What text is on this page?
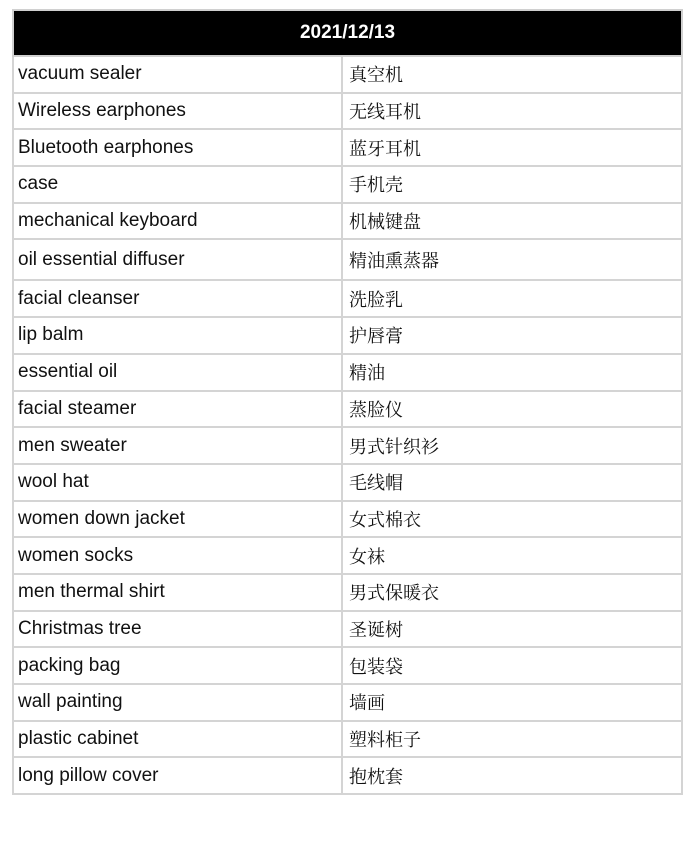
2021/12/13	
vacuum sealer	真空机
Wireless earphones	无线耳机
Bluetooth earphones	蓝牙耳机
case	手机壳
mechanical keyboard	机械键盘
oil essential diffuser	精油熏蒸器
facial cleanser	洗脸乳
lip balm	护唇膏
essential oil	精油
facial steamer	蒸脸仪
men sweater	男式针织衫
wool hat	毛线帽
women down jacket	女式棉衣
women socks	女袜
men thermal shirt	男式保暖衣
Christmas tree	圣诞树
packing bag	包装袋
wall painting	墙画
plastic cabinet	塑料柜子
long pillow cover	抱枕套
